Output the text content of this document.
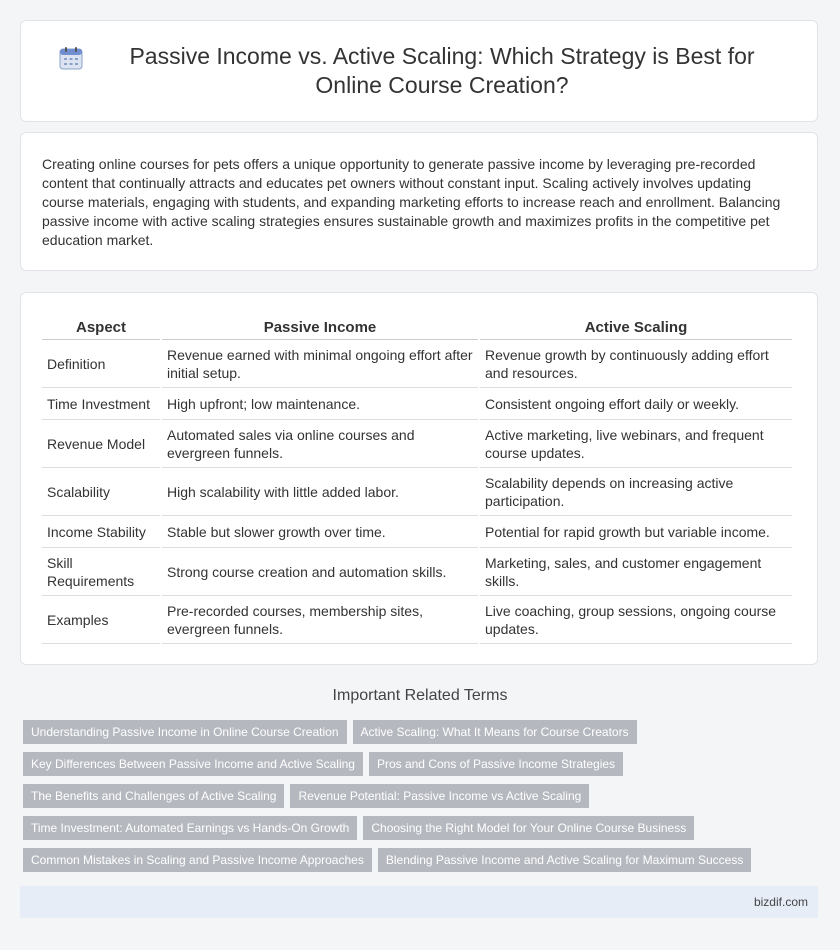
Passive Income vs. Active Scaling: Which Strategy is Best for Online Course Creation?

Creating online courses for pets offers a unique opportunity to generate passive income by leveraging pre-recorded content that continually attracts and educates pet owners without constant input. Scaling actively involves updating course materials, engaging with students, and expanding marketing efforts to increase reach and enrollment. Balancing passive income with active scaling strategies ensures sustainable growth and maximizes profits in the competitive pet education market.

Aspect	Passive Income	Active Scaling
Definition	Revenue earned with minimal ongoing effort after initial setup.	Revenue growth by continuously adding effort and resources.
Time Investment	High upfront; low maintenance.	Consistent ongoing effort daily or weekly.
Revenue Model	Automated sales via online courses and evergreen funnels.	Active marketing, live webinars, and frequent course updates.
Scalability	High scalability with little added labor.	Scalability depends on increasing active participation.
Income Stability	Stable but slower growth over time.	Potential for rapid growth but variable income.
Skill Requirements	Strong course creation and automation skills.	Marketing, sales, and customer engagement skills.
Examples	Pre-recorded courses, membership sites, evergreen funnels.	Live coaching, group sessions, ongoing course updates.
Important Related Terms
Understanding Passive Income in Online Course Creation	Active Scaling: What It Means for Course Creators
Key Differences Between Passive Income and Active Scaling	Pros and Cons of Passive Income Strategies
The Benefits and Challenges of Active Scaling	Revenue Potential: Passive Income vs Active Scaling
Time Investment: Automated Earnings vs Hands-On Growth	Choosing the Right Model for Your Online Course Business
Common Mistakes in Scaling and Passive Income Approaches	Blending Passive Income and Active Scaling for Maximum Success
bizdif.com
